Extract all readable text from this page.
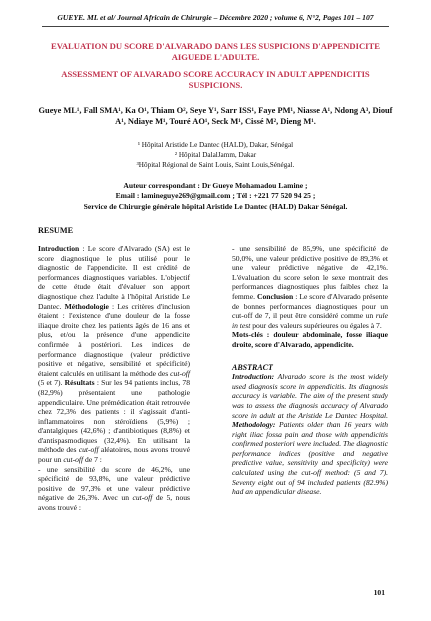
GUEYE. ML et al/ Journal Africain de Chirurgie – Décembre 2020 ; volume 6, N°2, Pages 101 – 107
EVALUATION DU SCORE D'ALVARADO DANS LES SUSPICIONS D'APPENDICITE AIGUEDE L'ADULTE.
ASSESSMENT OF ALVARADO SCORE ACCURACY IN ADULT APPENDICITIS SUSPICIONS.
Gueye ML¹, Fall SMA¹, Ka O¹, Thiam O², Seye Y¹, Sarr ISS¹, Faye PM¹, Niasse A¹, Ndong A³, Diouf A¹, Ndiaye M¹, Touré AO¹, Seck M¹, Cissé M², Dieng M¹.
¹ Hôpital Aristide Le Dantec (HALD), Dakar, Sénégal
² Hôpital DalalJamm, Dakar
³Hôpital Régional de Saint Louis, Saint Louis,Sénégal.
Auteur correspondant : Dr Gueye Mohamadou Lamine ;
Email : lamineguye269@gmail.com ; Tél : +221 77 520 94 25 ;
Service de Chirurgie générale hôpital Aristide Le Dantec (HALD) Dakar Sénégal.
RESUME

Introduction : Le score d'Alvarado (SA) est le score diagnostique le plus utilisé pour le diagnostic de l'appendicite. Il est crédité de performances diagnostiques variables. L'objectif de cette étude était d'évaluer son apport diagnostique chez l'adulte à l'hôpital Aristide Le Dantec. Méthodologie : Les critères d'inclusion étaient : l'existence d'une douleur de la fosse iliaque droite chez les patients âgés de 16 ans et plus, et/ou la présence d'une appendicite confirmée à postériori. Les indices de performance diagnostique (valeur prédictive positive et négative, sensibilité et spécificité) étaient calculés en utilisant la méthode des cut-off (5 et 7). Résultats : Sur les 94 patients inclus, 78 (82,9%) présentaient une pathologie appendiculaire. Une prémédication était retrouvée chez 72,3% des patients : il s'agissait d'anti-inflammatoires non stéroïdiens (5,9%) ; d'antalgiques (42,6%) ; d'antibiotiques (8,8%) et d'antispasmodiques (32,4%). En utilisant la méthode des cut-off aléatoires, nous avons trouvé pour un cut-off de 7 :

- une sensibilité du score de 46,2%, une spécificité de 93,8%, une valeur prédictive positive de 97,3% et une valeur prédictive négative de 26,3%. Avec un cut-off de 5, nous avons trouvé :

- une sensibilité de 85,9%, une spécificité de 50,0%, une valeur prédictive positive de 89,3% et une valeur prédictive négative de 42,1%. L'évaluation du score selon le sexe montrait des performances diagnostiques plus faibles chez la femme. Conclusion : Le score d'Alvarado présente de bonnes performances diagnostiques pour un cut-off de 7, il peut être considéré comme un rule in test pour des valeurs supérieures ou égales à 7.

Mots-clés : douleur abdominale, fosse iliaque droite, score d'Alvarado, appendicite.

ABSTRACT

Introduction: Alvarado score is the most widely used diagnosis score in appendicitis. Its diagnosis accuracy is variable. The aim of the present study was to assess the diagnosis accuracy of Alvarado score in adult at the Aristide Le Dantec Hospital. Methodology: Patients older than 16 years with right iliac fossa pain and those with appendicitis confirmed posteriori were included. The diagnostic performance indices (positive and negative predictive value, sensitivity and specificity) were calculated using the cut-off method: (5 and 7). Seventy eight out of 94 included patients (82.9%) had an appendicular disease.

101
